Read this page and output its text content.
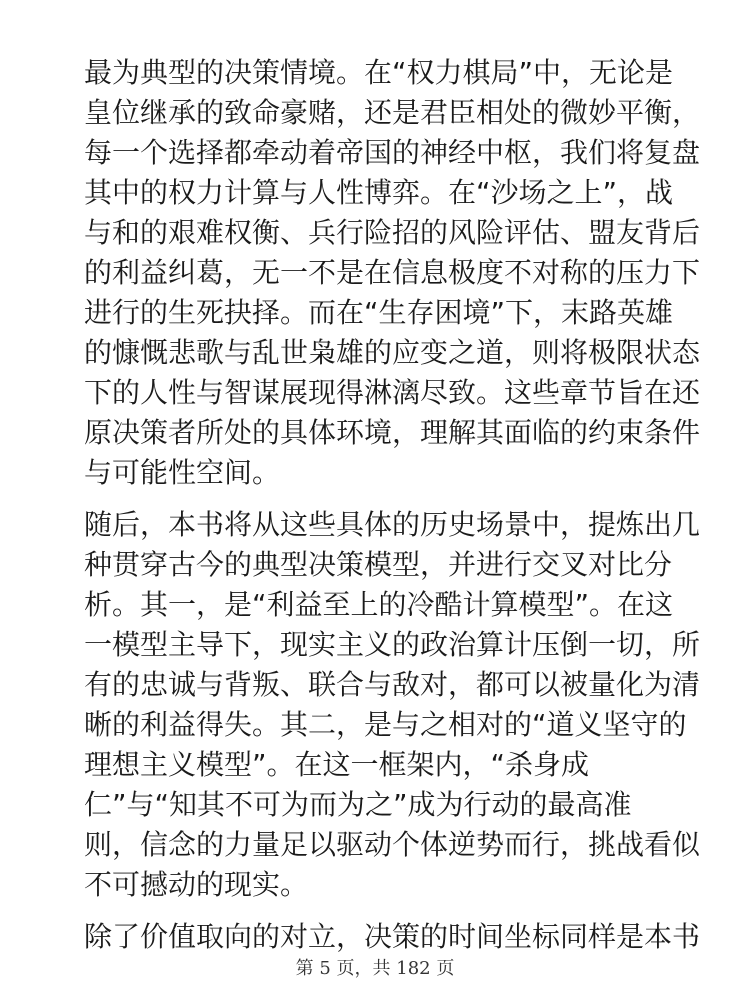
最为典型的决策情境。在“权力棋局”中，无论是
皇位继承的致命豪赌，还是君臣相处的微妙平衡，
每一个选择都牵动着帝国的神经中枢，我们将复盘
其中的权力计算与人性博弈。在“沙场之上”，战
与和的艰难权衡、兵行险招的风险评估、盟友背后
的利益纠葛，无一不是在信息极度不对称的压力下
进行的生死抉择。而在“生存困境”下，末路英雄
的慷慨悲歌与乱世枭雄的应变之道，则将极限状态
下的人性与智谋展现得淋漓尽致。这些章节旨在还
原决策者所处的具体环境，理解其面临的约束条件
与可能性空间。
随后，本书将从这些具体的历史场景中，提炼出几
种贯穿古今的典型决策模型，并进行交叉对比分
析。其一，是“利益至上的冷酷计算模型”。在这
一模型主导下，现实主义的政治算计压倒一切，所
有的忠诚与背叛、联合与敌对，都可以被量化为清
晰的利益得失。其二，是与之相对的“道义坚守的
理想主义模型”。在这一框架内，“杀身成
仁”与“知其不可为而为之”成为行动的最高准
则，信念的力量足以驱动个体逆势而行，挑战看似
不可撼动的现实。
除了价值取向的对立，决策的时间坐标同样是本书
第 5 页，共 182 页
